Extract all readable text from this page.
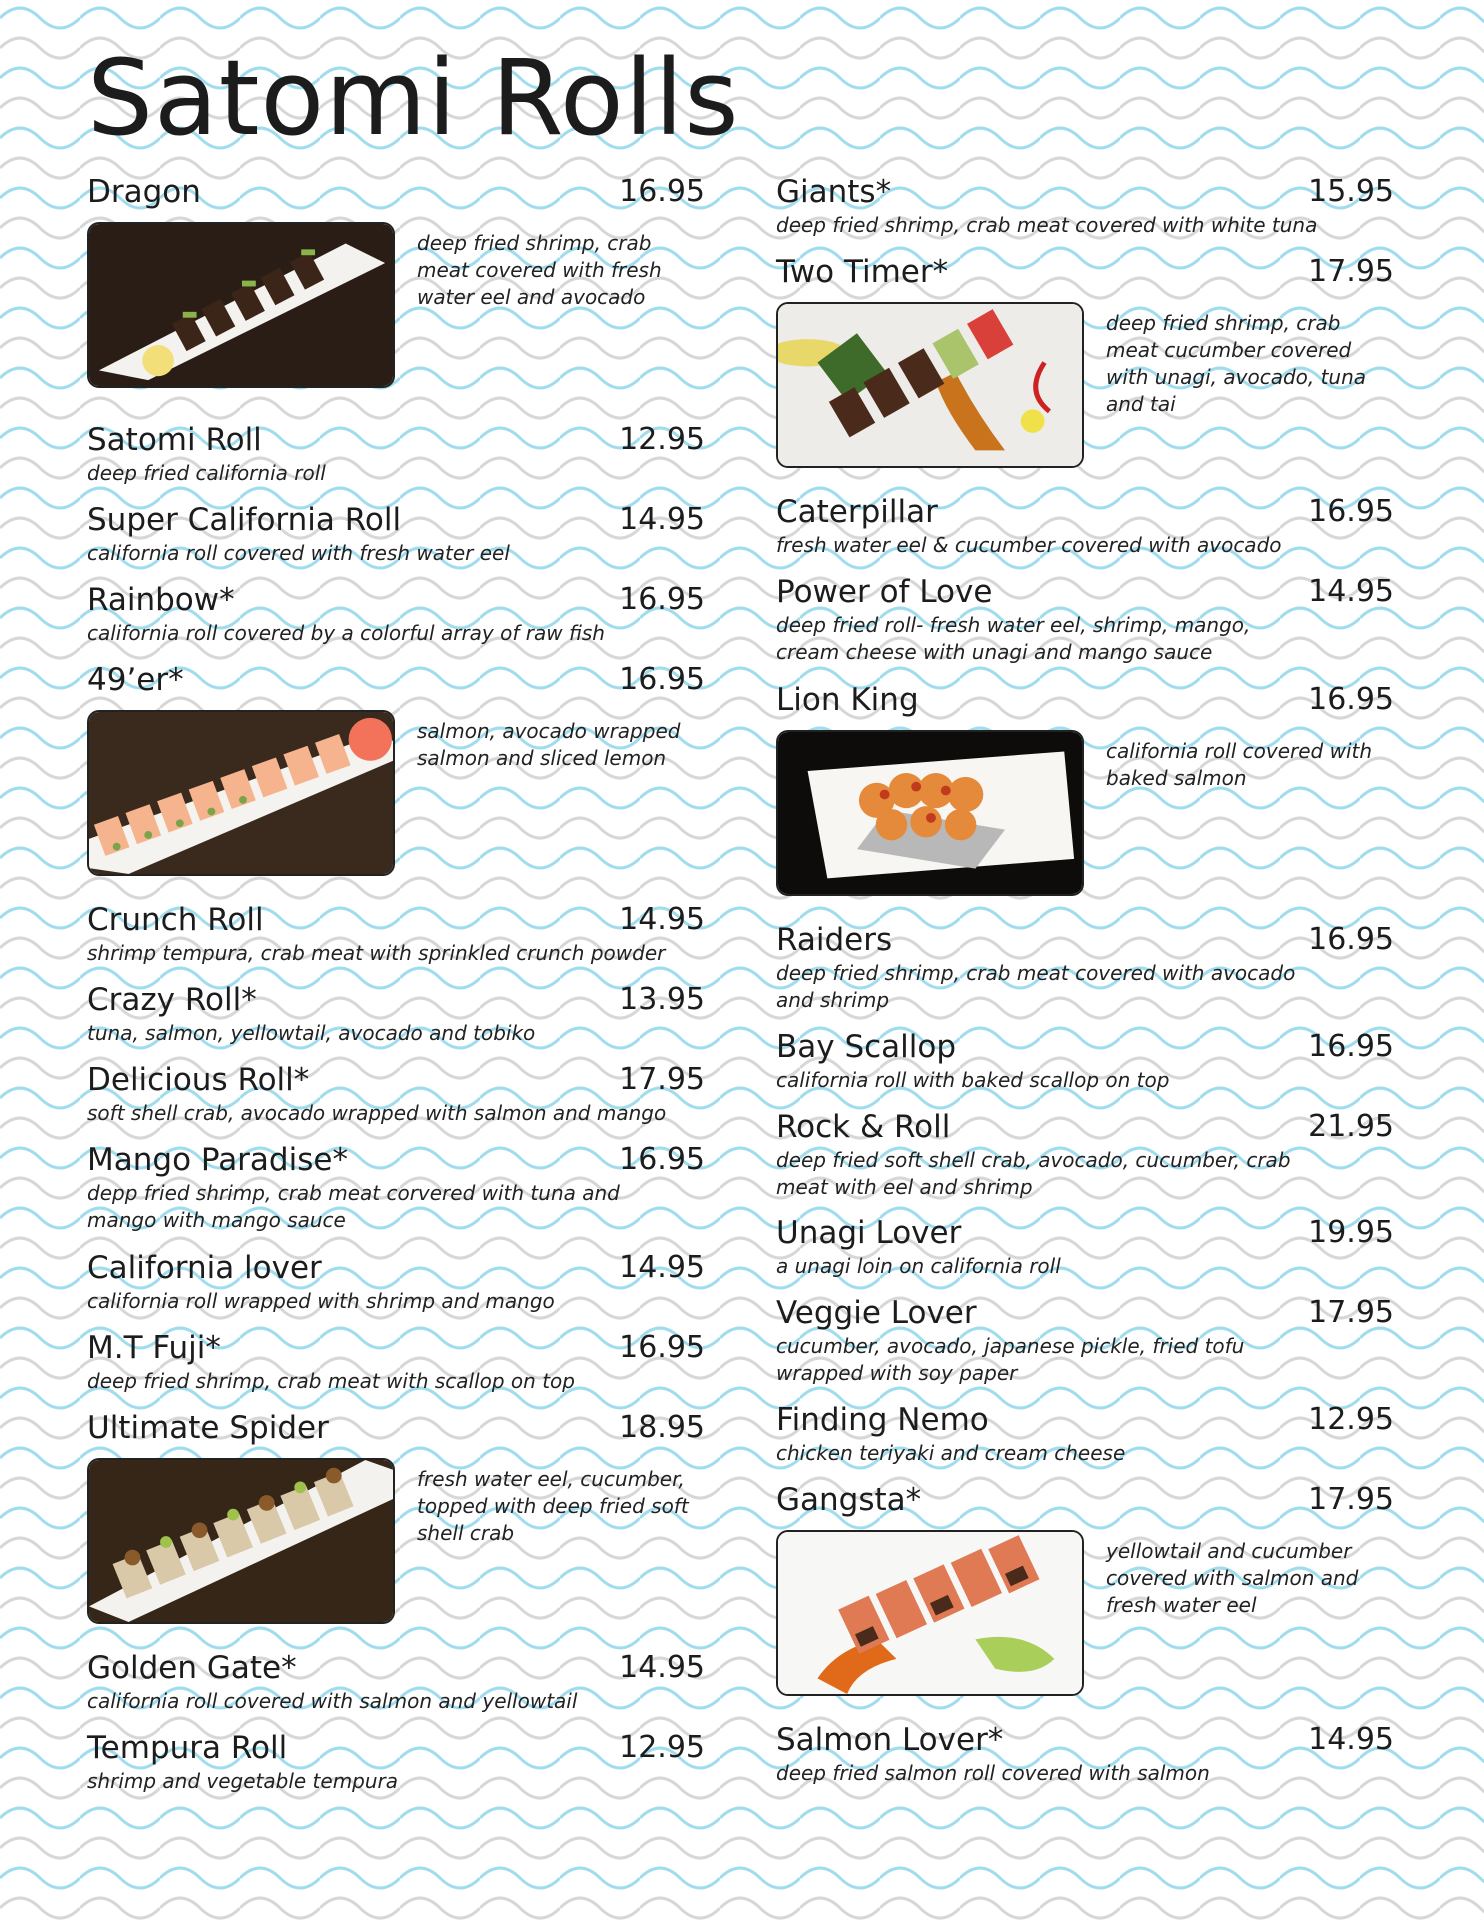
Satomi Rolls
Dragon	16.95

deep fried shrimp, crab meat covered with fresh water eel and avocado

Satomi Roll	12.95

deep fried california roll

Super California Roll	14.95

california roll covered with fresh water eel

Rainbow*	16.95

california roll covered by a colorful array of raw fish

49’er*	16.95

salmon, avocado wrapped salmon and sliced lemon

Crunch Roll	14.95

shrimp tempura, crab meat with sprinkled crunch powder

Crazy Roll*	13.95

tuna, salmon, yellowtail, avocado and tobiko

Delicious Roll*	17.95

soft shell crab, avocado wrapped with salmon and mango

Mango Paradise*	16.95

depp fried shrimp, crab meat corvered with tuna and mango with mango sauce

California lover	14.95

california roll wrapped with shrimp and mango

M.T Fuji*	16.95

deep fried shrimp, crab meat with scallop on top

Ultimate Spider	18.95

fresh water eel, cucumber, topped with deep fried soft shell crab

Golden Gate*	14.95

california roll covered with salmon and yellowtail

Tempura Roll	12.95

shrimp and vegetable tempura

Giants*	15.95

deep fried shrimp, crab meat covered with white tuna

Two Timer*	17.95

deep fried shrimp, crab meat cucumber covered with unagi, avocado, tuna and tai

Caterpillar	16.95

fresh water eel & cucumber covered with avocado

Power of Love	14.95

deep fried roll- fresh water eel, shrimp, mango, cream cheese with unagi and mango sauce

Lion King	16.95

california roll covered with baked salmon

Raiders	16.95

deep fried shrimp, crab meat covered with avocado and shrimp

Bay Scallop	16.95

california roll with baked scallop on top

Rock & Roll	21.95

deep fried soft shell crab, avocado, cucumber, crab meat with eel and shrimp

Unagi Lover	19.95

a unagi loin on california roll

Veggie Lover	17.95

cucumber, avocado, japanese pickle, fried tofu wrapped with soy paper

Finding Nemo	12.95

chicken teriyaki and cream cheese

Gangsta*	17.95

yellowtail and cucumber covered with salmon and fresh water eel

Salmon Lover*	14.95

deep fried salmon roll covered with salmon
